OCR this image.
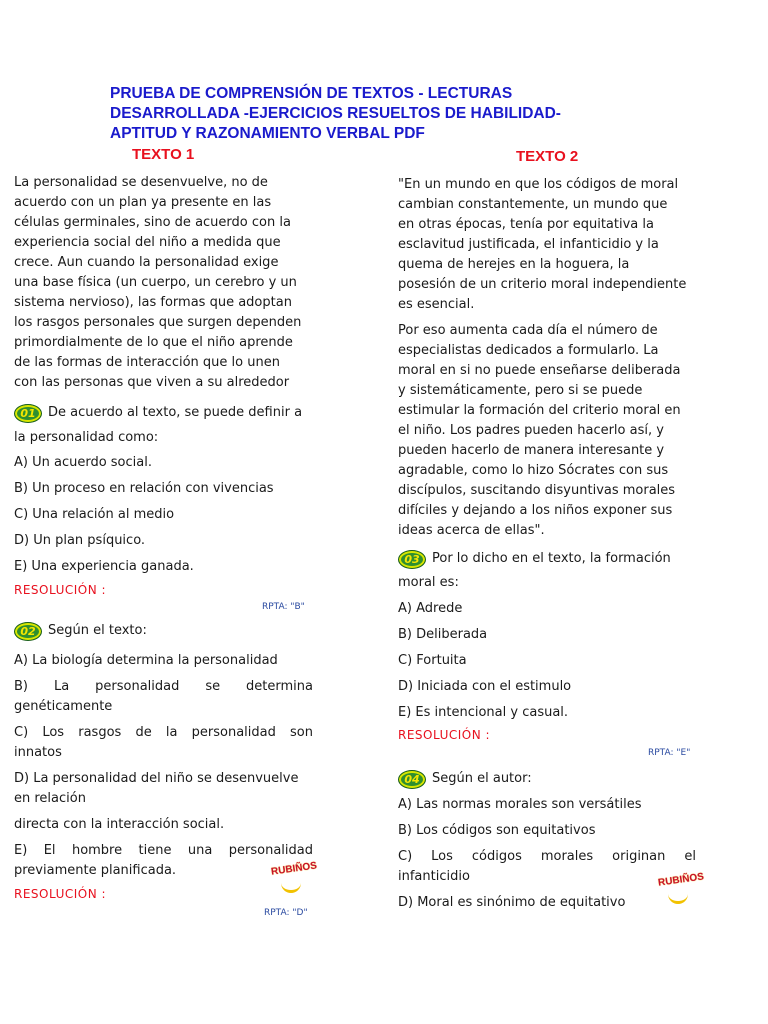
PRUEBA DE COMPRENSIÓN DE TEXTOS - LECTURAS
DESARROLLADA -EJERCICIOS RESUELTOS DE HABILIDAD-
APTITUD Y RAZONAMIENTO VERBAL PDF
TEXTO 1	TEXTO 2
La personalidad se desenvuelve, no de
acuerdo con un plan ya presente en las
células germinales, sino de acuerdo con la
experiencia social del niño a medida que
crece. Aun cuando la personalidad exige
una base física (un cuerpo, un cerebro y un
sistema nervioso), las formas que adoptan
los rasgos personales que surgen dependen
primordialmente de lo que el niño aprende
de las formas de interacción que lo unen
con las personas que viven a su alrededor
01 De acuerdo al texto, se puede definir a
la personalidad como:
A) Un acuerdo social.
B) Un proceso en relación con vivencias
C) Una relación al medio
D) Un plan psíquico.
E) Una experiencia ganada.
RESOLUCIÓN :
RPTA: "B"
02 Según el texto:
A) La biología determina la personalidad
B) La personalidad se determina
genéticamente
C) Los rasgos de la personalidad son
innatos
D) La personalidad del niño se desenvuelve
en relación
directa con la interacción social.
E) El hombre tiene una personalidad
previamente planificada.
RESOLUCIÓN :
RPTA: "D"
RUBIÑOS
"En un mundo en que los códigos de moral
cambian constantemente, un mundo que
en otras épocas, tenía por equitativa la
esclavitud justificada, el infanticidio y la
quema de herejes en la hoguera, la
posesión de un criterio moral independiente
es esencial.
Por eso aumenta cada día el número de
especialistas dedicados a formularlo. La
moral en si no puede enseñarse deliberada
y sistemáticamente, pero si se puede
estimular la formación del criterio moral en
el niño. Los padres pueden hacerlo así, y
pueden hacerlo de manera interesante y
agradable, como lo hizo Sócrates con sus
discípulos, suscitando disyuntivas morales
difíciles y dejando a los niños exponer sus
ideas acerca de ellas".
03 Por lo dicho en el texto, la formación
moral es:
A) Adrede
B) Deliberada
C) Fortuita
D) Iniciada con el estimulo
E) Es intencional y casual.
RESOLUCIÓN :
RPTA: "E"
04 Según el autor:
A) Las normas morales son versátiles
B) Los códigos son equitativos
C) Los códigos morales originan el
infanticidio
D) Moral es sinónimo de equitativo
RUBIÑOS
